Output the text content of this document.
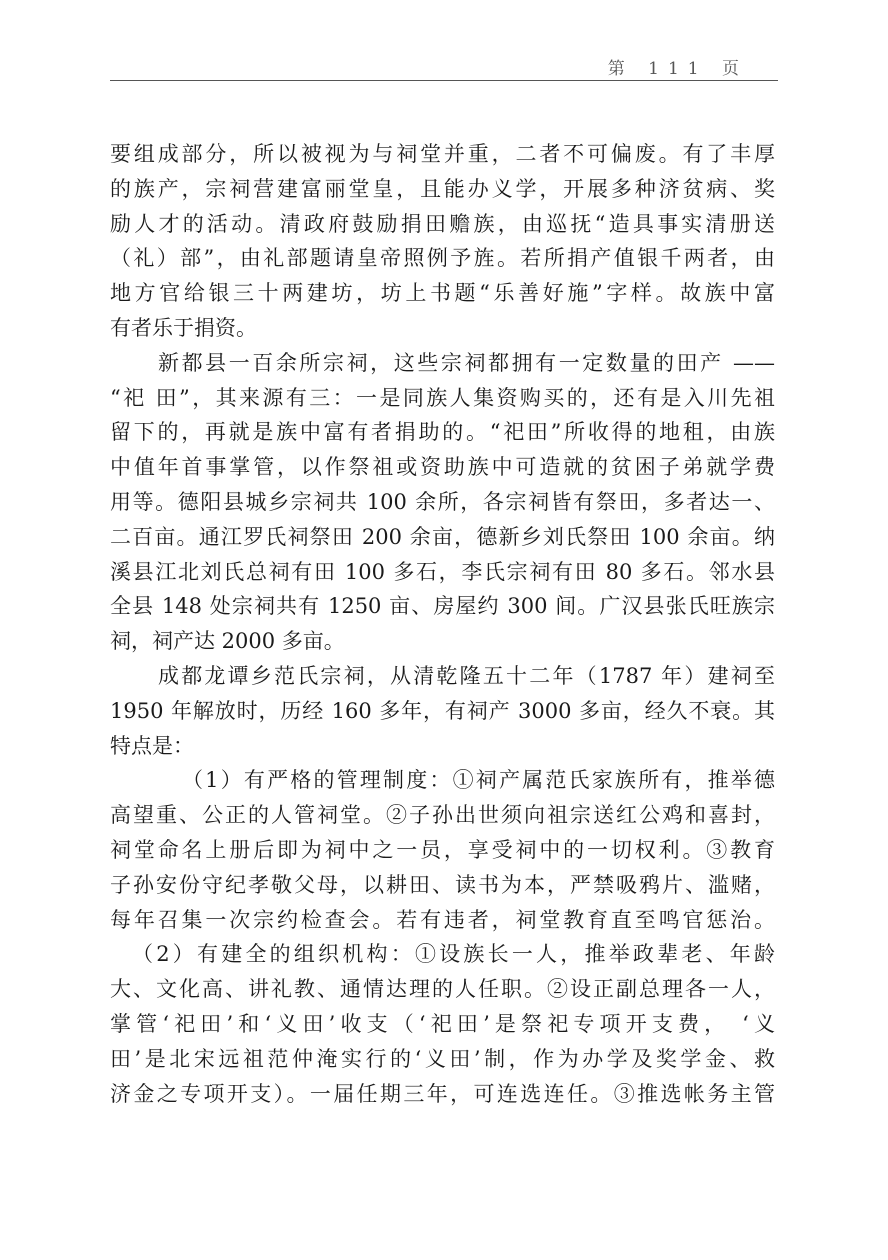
第 111 页
要组成部分，所以被视为与祠堂并重，二者不可偏废。有了丰厚
的族产，宗祠营建富丽堂皇，且能办义学，开展多种济贫病、奖
励人才的活动。清政府鼓励捐田赡族，由巡抚“造具事实清册送
（礼）部”，由礼部题请皇帝照例予旌。若所捐产值银千两者，由
地方官给银三十两建坊，坊上书题“乐善好施”字样。故族中富
有者乐于捐资。
新都县一百余所宗祠，这些宗祠都拥有一定数量的田产 ——
“祀 田”，其来源有三：一是同族人集资购买的，还有是入川先祖
留下的，再就是族中富有者捐助的。“祀田”所收得的地租，由族
中值年首事掌管，以作祭祖或资助族中可造就的贫困子弟就学费
用等。德阳县城乡宗祠共 100 余所，各宗祠皆有祭田，多者达一、
二百亩。通江罗氏祠祭田 200 余亩，德新乡刘氏祭田 100 余亩。纳
溪县江北刘氏总祠有田 100 多石，李氏宗祠有田 80 多石。邻水县
全县 148 处宗祠共有 1250 亩、房屋约 300 间。广汉县张氏旺族宗
祠，祠产达 2000 多亩。
成都龙谭乡范氏宗祠，从清乾隆五十二年（1787 年）建祠至
1950 年解放时，历经 160 多年，有祠产 3000 多亩，经久不衰。其
特点是：
（1）有严格的管理制度：①祠产属范氏家族所有，推举德
高望重、公正的人管祠堂。②子孙出世须向祖宗送红公鸡和喜封，
祠堂命名上册后即为祠中之一员，享受祠中的一切权利。③教育
子孙安份守纪孝敬父母，以耕田、读书为本，严禁吸鸦片、滥赌，
每年召集一次宗约检查会。若有违者，祠堂教育直至鸣官惩治。
（2）有建全的组织机构：①设族长一人，推举政辈老、年龄
大、文化高、讲礼教、通情达理的人任职。②设正副总理各一人，
掌管‘祀田’和‘义田’收支（‘祀田’是祭祀专项开支费， ‘义
田’是北宋远祖范仲淹实行的‘义田’制，作为办学及奖学金、救
济金之专项开支）。一届任期三年，可连选连任。③推选帐务主管
